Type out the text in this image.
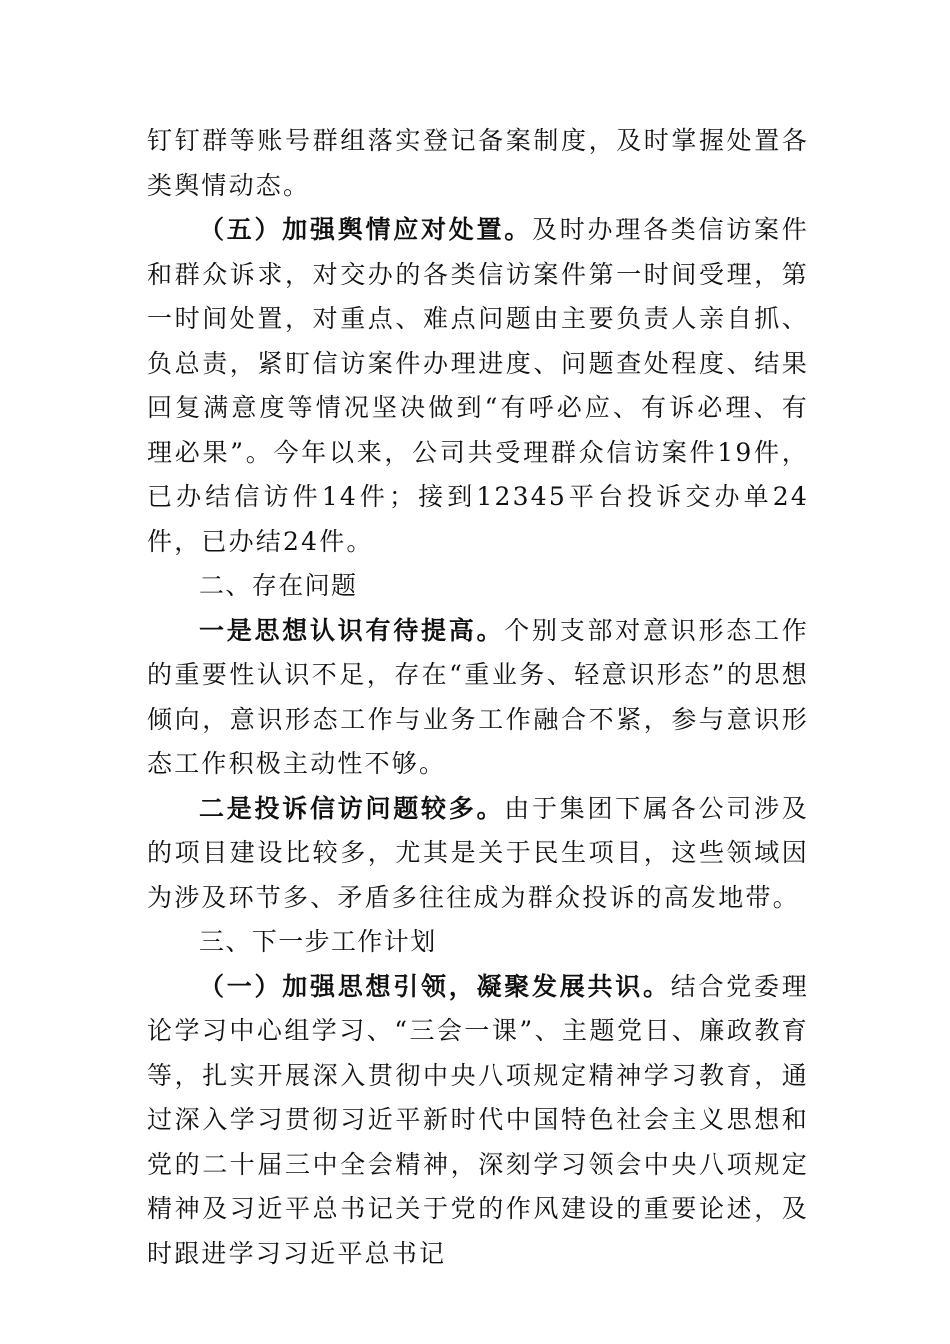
钉钉群等账号群组落实登记备案制度，及时掌握处置各类舆情动态。

（五）加强舆情应对处置。及时办理各类信访案件和群众诉求，对交办的各类信访案件第一时间受理，第一时间处置，对重点、难点问题由主要负责人亲自抓、负总责，紧盯信访案件办理进度、问题查处程度、结果回复满意度等情况坚决做到“有呼必应、有诉必理、有理必果”。今年以来，公司共受理群众信访案件19件，已办结信访件14件；接到12345平台投诉交办单24件，已办结24件。

二、存在问题

一是思想认识有待提高。个别支部对意识形态工作的重要性认识不足，存在“重业务、轻意识形态”的思想倾向，意识形态工作与业务工作融合不紧，参与意识形态工作积极主动性不够。

二是投诉信访问题较多。由于集团下属各公司涉及的项目建设比较多，尤其是关于民生项目，这些领域因为涉及环节多、矛盾多往往成为群众投诉的高发地带。

三、下一步工作计划

（一）加强思想引领，凝聚发展共识。结合党委理论学习中心组学习、“三会一课”、主题党日、廉政教育等，扎实开展深入贯彻中央八项规定精神学习教育，通过深入学习贯彻习近平新时代中国特色社会主义思想和党的二十届三中全会精神，深刻学习领会中央八项规定精神及习近平总书记关于党的作风建设的重要论述，及时跟进学习习近平总书记
